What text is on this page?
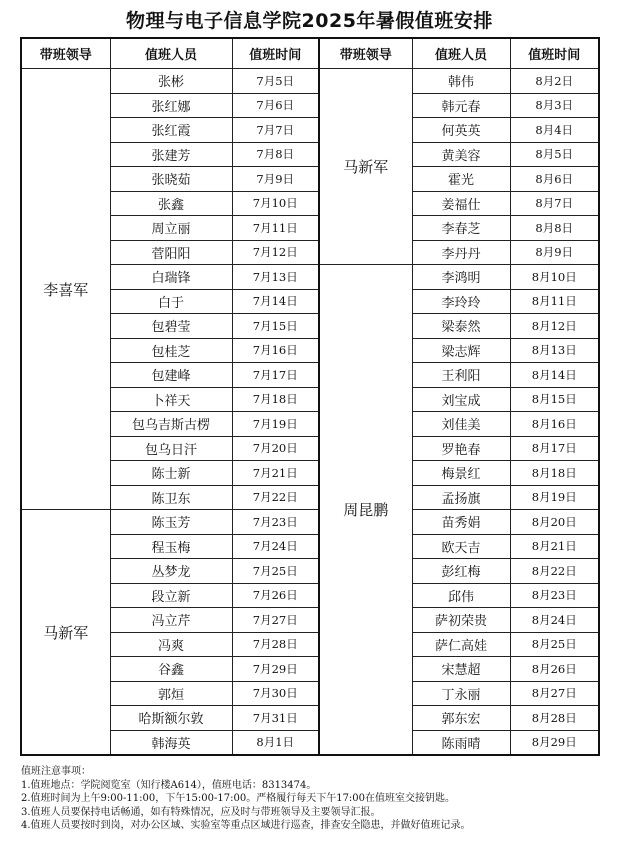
物理与电子信息学院2025年暑假值班安排
带班领导	值班人员	值班时间	带班领导	值班人员	值班时间
李喜军	张彬	7月5日	马新军	韩伟	8月2日
	张红娜	7月6日		韩元春	8月3日
	张红霞	7月7日		何英英	8月4日
	张建芳	7月8日		黄美容	8月5日
	张晓茹	7月9日		霍光	8月6日
	张鑫	7月10日		姜福仕	8月7日
	周立丽	7月11日		李春芝	8月8日
	菅阳阳	7月12日		李丹丹	8月9日
	白瑞锋	7月13日	周昆鹏	李鸿明	8月10日
	白于	7月14日		李玲玲	8月11日
	包碧莹	7月15日		梁泰然	8月12日
	包桂芝	7月16日		梁志辉	8月13日
	包建峰	7月17日		王利阳	8月14日
	卜祥天	7月18日		刘宝成	8月15日
	包乌吉斯古楞	7月19日		刘佳美	8月16日
	包乌日汗	7月20日		罗艳春	8月17日
	陈士新	7月21日		梅景红	8月18日
	陈卫东	7月22日		孟扬旗	8月19日
马新军	陈玉芳	7月23日		苗秀娟	8月20日
	程玉梅	7月24日		欧天吉	8月21日
	丛梦龙	7月25日		彭红梅	8月22日
	段立新	7月26日		邱伟	8月23日
	冯立芹	7月27日		萨初荣贵	8月24日
	冯爽	7月28日		萨仁高娃	8月25日
	谷鑫	7月29日		宋慧超	8月26日
	郭烜	7月30日		丁永丽	8月27日
	哈斯额尔敦	7月31日		郭东宏	8月28日
	韩海英	8月1日		陈雨晴	8月29日
值班注意事项：
1.值班地点：学院阅览室（知行楼A614），值班电话：8313474。
2.值班时间为上午9:00-11:00，下午15:00-17:00。严格履行每天下午17:00在值班室交接钥匙。
3.值班人员要保持电话畅通，如有特殊情况，应及时与带班领导及主要领导汇报。
4.值班人员要按时到岗，对办公区域、实验室等重点区域进行巡查，排查安全隐患，并做好值班记录。
